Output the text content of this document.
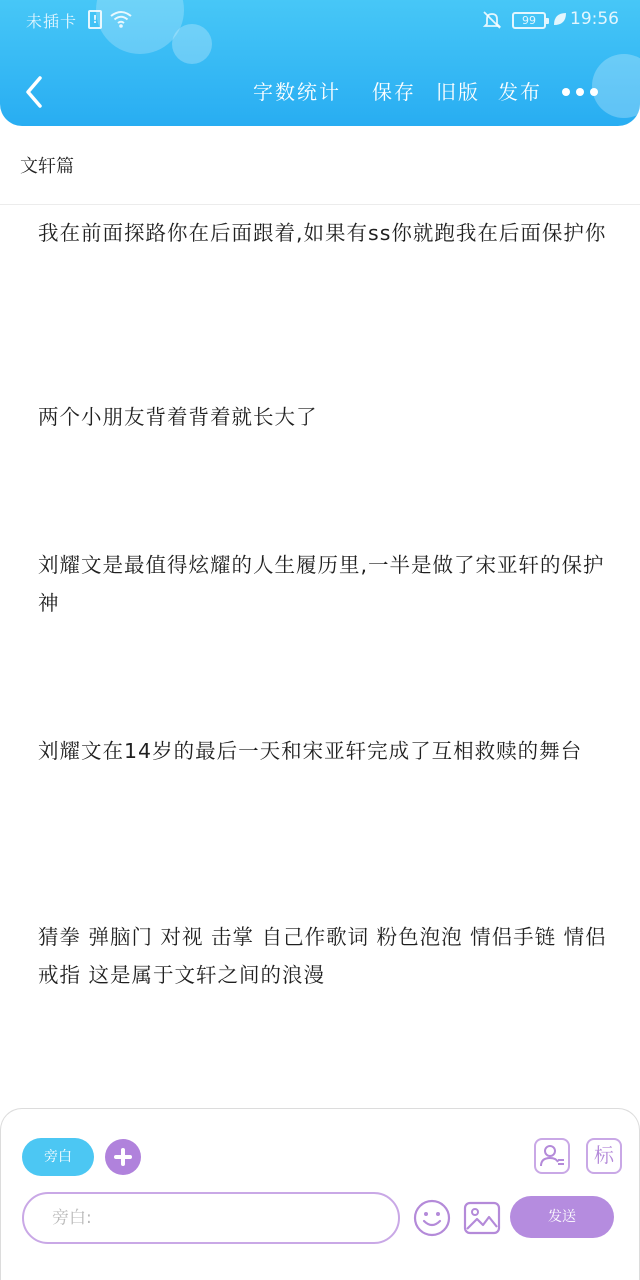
未插卡	!	99	19:56
字数统计 保存 旧版 发布
文轩篇
我在前面探路你在后面跟着,如果有ss你就跑我在后面保护你
两个小朋友背着背着就长大了
刘耀文是最值得炫耀的人生履历里,一半是做了宋亚轩的保护神
刘耀文在14岁的最后一天和宋亚轩完成了互相救赎的舞台
猜拳 弹脑门 对视 击掌 自己作歌词 粉色泡泡 情侣手链 情侣戒指 这是属于文轩之间的浪漫
旁白	标
旁白:	发送
